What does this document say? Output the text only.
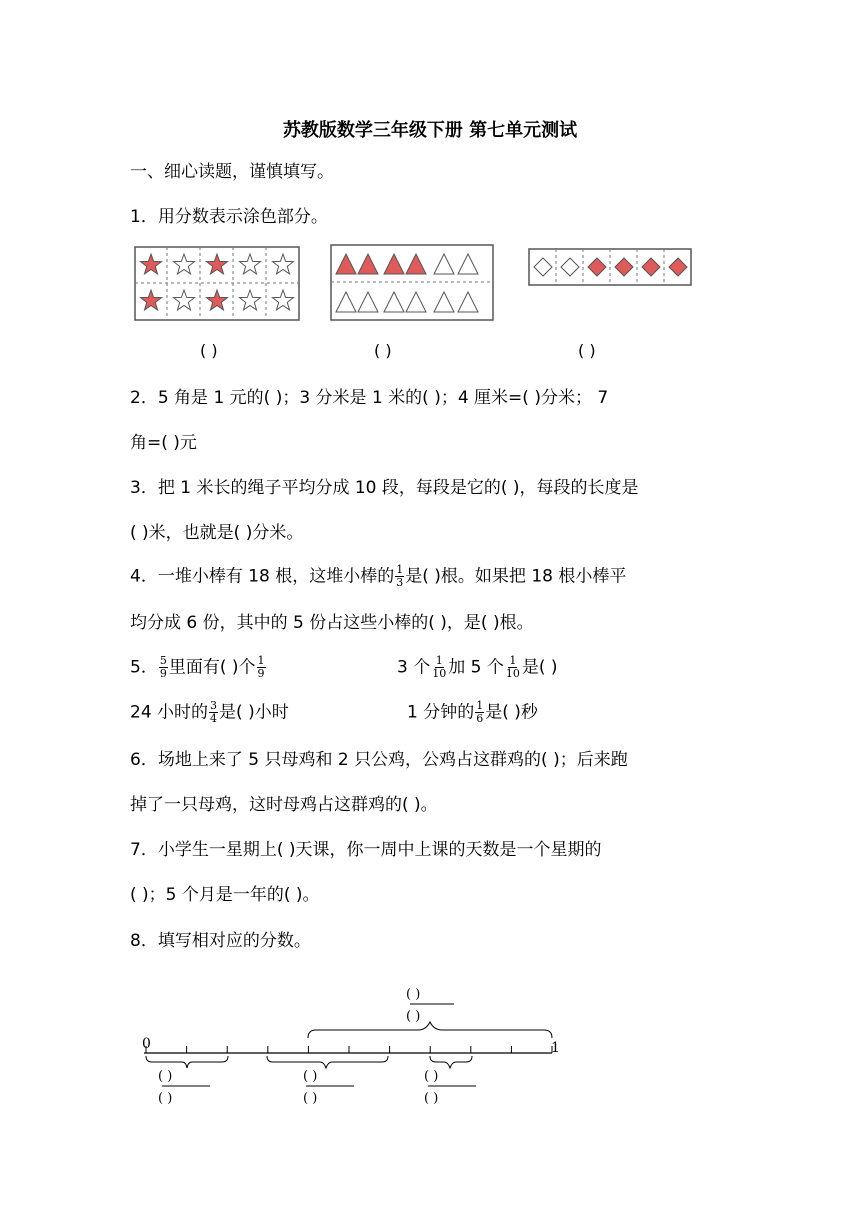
苏教版数学三年级下册 第七单元测试
一、细心读题，谨慎填写。
1．用分数表示涂色部分。
( )	( )	( )
2．5 角是 1 元的( )；3 分米是 1 米的( )；4 厘米=( )分米； 7
角=( )元
3．把 1 米长的绳子平均分成 10 段，每段是它的( )，每段的长度是
( )米，也就是( )分米。
4．一堆小棒有 18 根，这堆小棒的 $\frac{1}{3}$ 是( )根。如果把 18 根小棒平
均分成 6 份，其中的 5 份占这些小棒的( )，是( )根。
5． $\frac{5}{9}$ 里面有( )个 $\frac{1}{9}$	3 个 $\frac{1}{10}$ 加 5 个 $\frac{1}{10}$ 是( )
24 小时的 $\frac{3}{4}$ 是( )小时	1 分钟的 $\frac{1}{6}$ 是( )秒
6．场地上来了 5 只母鸡和 2 只公鸡，公鸡占这群鸡的( )；后来跑
掉了一只母鸡，这时母鸡占这群鸡的( )。
7．小学生一星期上( )天课，你一周中上课的天数是一个星期的
( )；5 个月是一年的( )。
8．填写相对应的分数。
0	1
( )
( )
( )
( )
( )
( )
( )
( )
